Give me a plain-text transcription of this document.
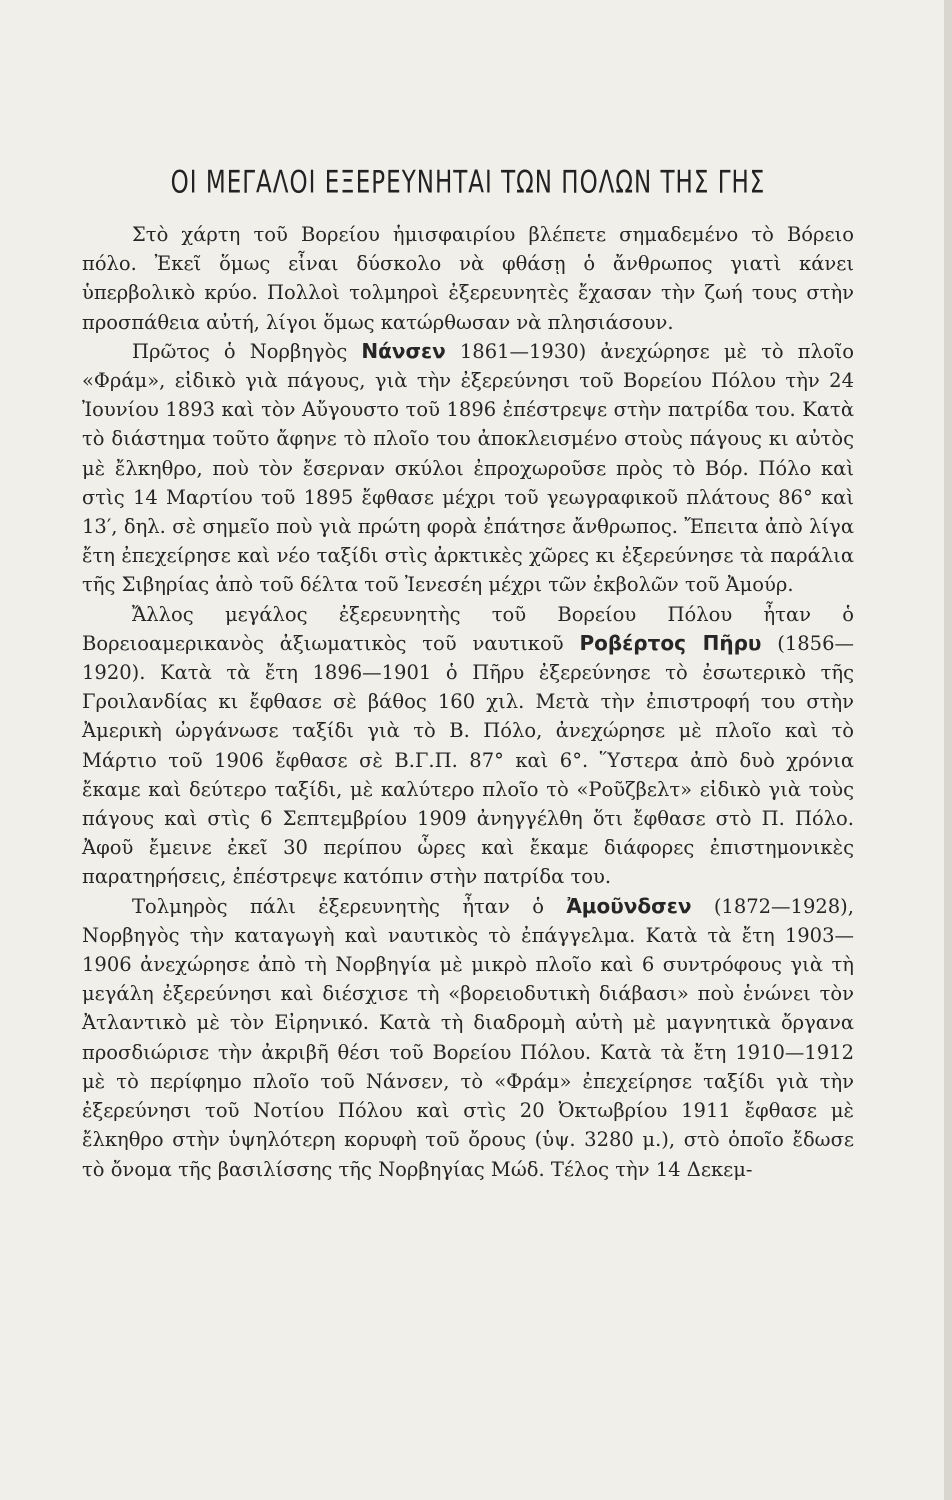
ΟΙ ΜΕΓΑΛΟΙ ΕΞΕΡΕΥΝΗΤΑΙ ΤΩΝ ΠΟΛΩΝ ΤΗΣ ΓΗΣ

Στὸ χάρτη τοῦ Βορείου ἡμισφαιρίου βλέπετε σημαδεμένο τὸ Βόρειο πόλο. Ἐκεῖ ὅμως εἶναι δύσκολο νὰ φθάσῃ ὁ ἄνθρωπος γιατὶ κάνει ὑπερβολικὸ κρύο. Πολλοὶ τολμηροὶ ἐξερευνητὲς ἔχασαν τὴν ζωή τους στὴν προσπάθεια αὐτή, λίγοι ὅμως κατώρθωσαν νὰ πλησιάσουν.

Πρῶτος ὁ Νορβηγὸς Νάνσεν 1861—1930) ἀνεχώρησε μὲ τὸ πλοῖο «Φράμ», εἰδικὸ γιὰ πάγους, γιὰ τὴν ἐξερεύνησι τοῦ Βορείου Πόλου τὴν 24 Ἰουνίου 1893 καὶ τὸν Αὔγουστο τοῦ 1896 ἐπέστρεψε στὴν πατρίδα του. Κατὰ τὸ διάστημα τοῦτο ἄφηνε τὸ πλοῖο του ἀποκλεισμένο στοὺς πάγους κι αὐτὸς μὲ ἔλκηθρο, ποὺ τὸν ἔσερναν σκύλοι ἐπροχωροῦσε πρὸς τὸ Βόρ. Πόλο καὶ στὶς 14 Μαρτίου τοῦ 1895 ἔφθασε μέχρι τοῦ γεωγραφικοῦ πλάτους 86° καὶ 13′, δηλ. σὲ σημεῖο ποὺ γιὰ πρώτη φορὰ ἐπάτησε ἄνθρωπος. Ἔπειτα ἀπὸ λίγα ἔτη ἐπεχείρησε καὶ νέο ταξίδι στὶς ἀρκτικὲς χῶρες κι ἐξερεύνησε τὰ παράλια τῆς Σιβηρίας ἀπὸ τοῦ δέλτα τοῦ Ἰενεσέη μέχρι τῶν ἐκβολῶν τοῦ Ἀμούρ.

Ἄλλος μεγάλος ἐξερευνητὴς τοῦ Βορείου Πόλου ἦταν ὁ Βορειοαμερικανὸς ἀξιωματικὸς τοῦ ναυτικοῦ Ροβέρτος Πῆρυ (1856—1920). Κατὰ τὰ ἔτη 1896—1901 ὁ Πῆρυ ἐξερεύνησε τὸ ἐσωτερικὸ τῆς Γροιλανδίας κι ἔφθασε σὲ βάθος 160 χιλ. Μετὰ τὴν ἐπιστροφή του στὴν Ἀμερικὴ ὠργάνωσε ταξίδι γιὰ τὸ Β. Πόλο, ἀνεχώρησε μὲ πλοῖο καὶ τὸ Μάρτιο τοῦ 1906 ἔφθασε σὲ Β.Γ.Π. 87° καὶ 6°. Ὕστερα ἀπὸ δυὸ χρόνια ἔκαμε καὶ δεύτερο ταξίδι, μὲ καλύτερο πλοῖο τὸ «Ροῦζβελτ» εἰδικὸ γιὰ τοὺς πάγους καὶ στὶς 6 Σεπτεμβρίου 1909 ἀνηγγέλθη ὅτι ἔφθασε στὸ Π. Πόλο. Ἀφοῦ ἔμεινε ἐκεῖ 30 περίπου ὧρες καὶ ἔκαμε διάφορες ἐπιστημονικὲς παρατηρήσεις, ἐπέστρεψε κατόπιν στὴν πατρίδα του.

Τολμηρὸς πάλι ἐξερευνητὴς ἦταν ὁ Ἀμοῦνδσεν (1872—1928), Νορβηγὸς τὴν καταγωγὴ καὶ ναυτικὸς τὸ ἐπάγγελμα. Κατὰ τὰ ἔτη 1903—1906 ἀνεχώρησε ἀπὸ τὴ Νορβηγία μὲ μικρὸ πλοῖο καὶ 6 συντρόφους γιὰ τὴ μεγάλη ἐξερεύνησι καὶ διέσχισε τὴ «βορειοδυτικὴ διάβασι» ποὺ ἑνώνει τὸν Ἀτλαντικὸ μὲ τὸν Εἰρηνικό. Κατὰ τὴ διαδρομὴ αὐτὴ μὲ μαγνητικὰ ὄργανα προσδιώρισε τὴν ἀκριβῆ θέσι τοῦ Βορείου Πόλου. Κατὰ τὰ ἔτη 1910—1912 μὲ τὸ περίφημο πλοῖο τοῦ Νάνσεν, τὸ «Φράμ» ἐπεχείρησε ταξίδι γιὰ τὴν ἐξερεύνησι τοῦ Νοτίου Πόλου καὶ στὶς 20 Ὀκτωβρίου 1911 ἔφθασε μὲ ἔλκηθρο στὴν ὑψηλότερη κορυφὴ τοῦ ὄρους (ὑψ. 3280 μ.), στὸ ὁποῖο ἔδωσε τὸ ὄνομα τῆς βασιλίσσης τῆς Νορβηγίας Μώδ. Τέλος τὴν 14 Δεκεμ-
